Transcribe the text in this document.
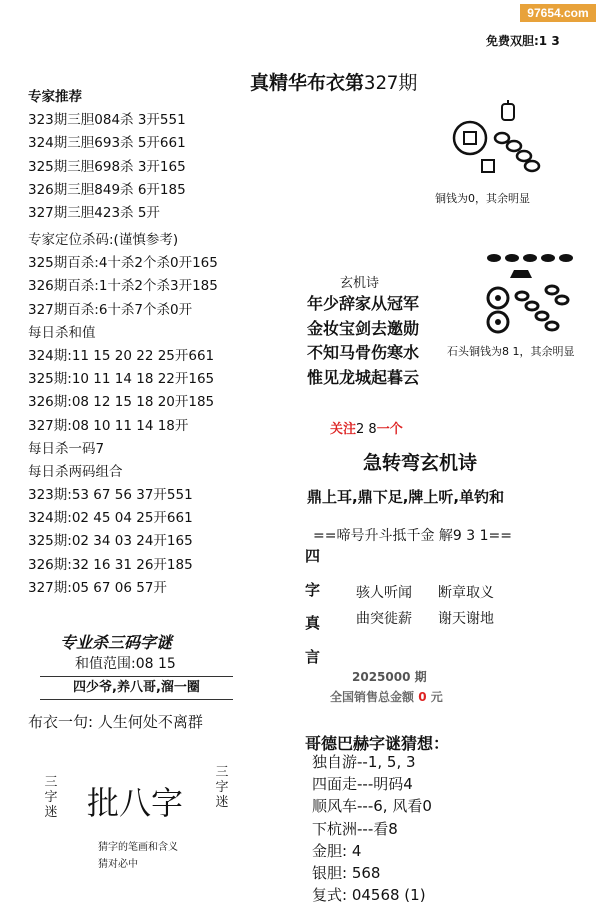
97654.com
免费双胆:1 3
真精华布衣第327期
专家推荐
323期三胆084杀 3开551
324期三胆693杀 5开661
325期三胆698杀 3开165
326期三胆849杀 6开185
327期三胆423杀 5开
专家定位杀码:(谨慎参考)
325期百杀:4十杀2个杀0开165
326期百杀:1十杀2个杀3开185
327期百杀:6十杀7个杀0开
每日杀和值
324期:11 15 20 22 25开661
325期:10 11 14 18 22开165
326期:08 12 15 18 20开185
327期:08 10 11 14 18开
每日杀一码7
每日杀两码组合
323期:53 67 56 37开551
324期:02 45 04 25开661
325期:02 34 03 24开165
326期:32 16 31 26开185
327期:05 67 06 57开
铜钱为0，其余明显
石头铜钱为8 1，其余明显
玄机诗
年少辞家从冠军
金妆宝剑去邀勋
不知马骨伤寒水
惟见龙城起暮云
关注2 8一个
急转弯玄机诗
鼎上耳,鼎下足,牌上听,单钓和
==啼号升斗抵千金 解9 3 1==
四
字
真
言
骇人听闻 断章取义
曲突徙薪 谢天谢地
2025000 期
全国销售总金额 0 元
哥德巴赫字谜猜想：
独自游--1, 5, 3
四面走---明码4
顺风车---6, 风看0
下杭洲---看8
金胆: 4
银胆: 568
复式: 04568 (1)
专业杀三码字谜
和值范围:08 15
四少爷,养八哥,溜一圈
布衣一句: 人生何处不离群
三字迷
三字迷
批八字
猜字的笔画和含义
猜对必中
